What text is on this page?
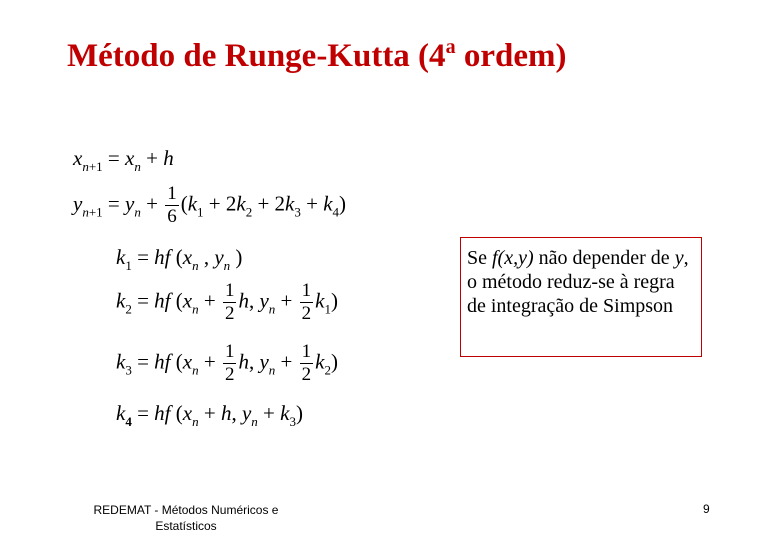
Método de Runge-Kutta (4$^a$ ordem)
$x_{n+1} = x_n + h$
$y_{n+1} = y_n + \frac{1}{6} (k_1 + 2k_2 + 2k_3 + k_4)$
$k_1$ = hf ($x_n$ , $y_n$ )
$k_2$ = hf ($x_n + \frac{1}{2} h$, $y_n + \frac{1}{2} k_1$)
$k_3$ = hf ($x_n + \frac{1}{2} h$, $y_n + \frac{1}{2} k_2$)
$k_4$ = hf ($x_n + h$, $y_n + k_3$)
Se f(x,y) não depender de y, o método reduz-se à regra de integração de Simpson
REDEMAT - Métodos Numéricos e Estatísticos
9
